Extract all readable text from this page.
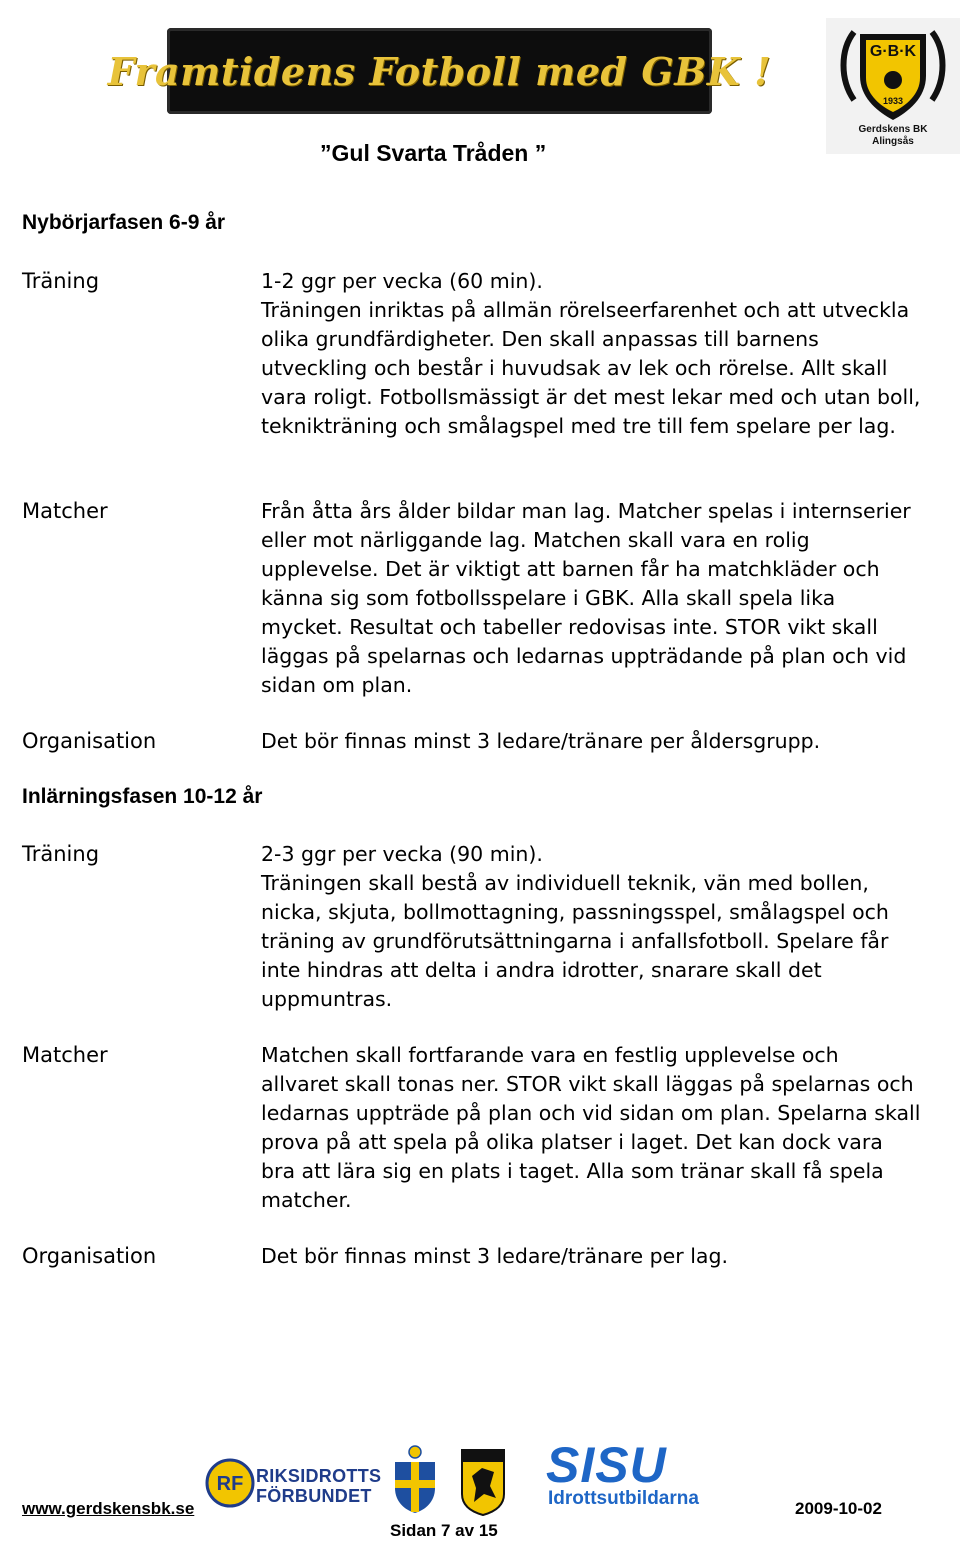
Framtidens Fotboll med GBK !	G·B·K
1933
Gerdskens BK
Alingsås
”Gul Svarta Tråden ”
Nybörjarfasen 6-9 år
Träning	1-2 ggr per vecka (60 min).

Träningen inriktas på allmän rörelseerfarenhet och att utveckla olika grundfärdigheter. Den skall anpassas till barnens utveckling och består i huvudsak av lek och rörelse. Allt skall vara roligt. Fotbollsmässigt är det mest lekar med och utan boll, teknikträning och smålagspel med tre till fem spelare per lag.

Matcher	Från åtta års ålder bildar man lag. Matcher spelas i internserier eller mot närliggande lag. Matchen skall vara en rolig upplevelse. Det är viktigt att barnen får ha matchkläder och känna sig som fotbollsspelare i GBK. Alla skall spela lika mycket. Resultat och tabeller redovisas inte. STOR vikt skall läggas på spelarnas och ledarnas uppträdande på plan och vid sidan om plan.

Organisation	Det bör finnas minst 3 ledare/tränare per åldersgrupp.

Inlärningsfasen 10-12 år
Träning	2-3 ggr per vecka (90 min).

Träningen skall bestå av individuell teknik, vän med bollen, nicka, skjuta, bollmottagning, passningsspel, smålagspel och träning av grundförutsättningarna i anfallsfotboll. Spelare får inte hindras att delta i andra idrotter, snarare skall det uppmuntras.

Matcher	Matchen skall fortfarande vara en festlig upplevelse och allvaret skall tonas ner. STOR vikt skall läggas på spelarnas och ledarnas uppträde på plan och vid sidan om plan. Spelarna skall prova på att spela på olika platser i laget. Det kan dock vara bra att lära sig en plats i taget. Alla som tränar skall få spela matcher.

Organisation	Det bör finnas minst 3 ledare/tränare per lag.

RF RIKSIDROTTS
FÖRBUNDET
SISU
Idrottsutbildarna
www.gerdskensbk.se	2009-10-02
Sidan 7 av 15
